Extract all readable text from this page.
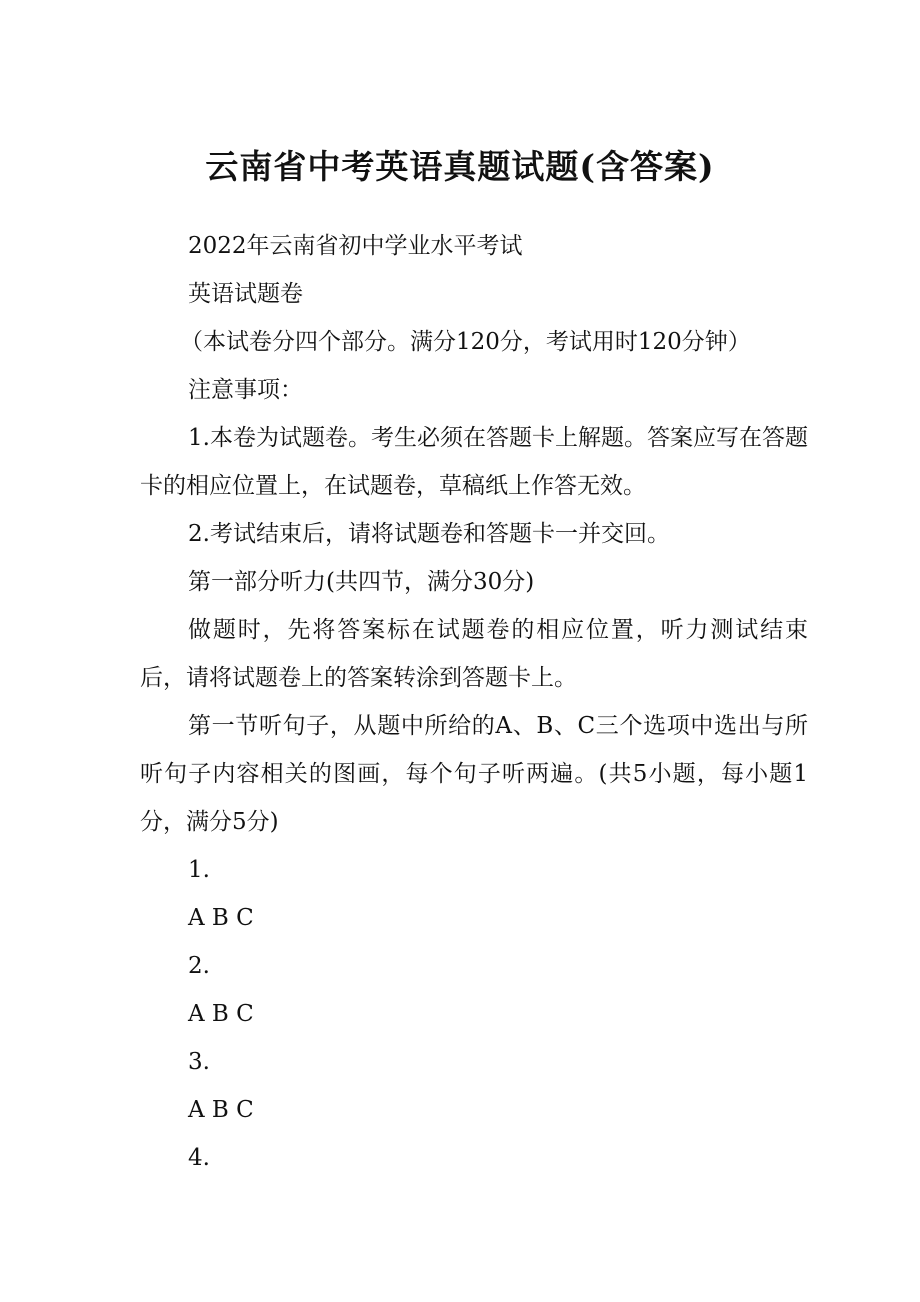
云南省中考英语真题试题(含答案)

2022年云南省初中学业水平考试

英语试题卷

（本试卷分四个部分。满分120分，考试用时120分钟）

注意事项：

1.本卷为试题卷。考生必须在答题卡上解题。答案应写在答题卡的相应位置上，在试题卷，草稿纸上作答无效。

2.考试结束后，请将试题卷和答题卡一并交回。

第一部分听力(共四节，满分30分)

做题时，先将答案标在试题卷的相应位置，听力测试结束后，请将试题卷上的答案转涂到答题卡上。

第一节听句子，从题中所给的A、B、C三个选项中选出与所听句子内容相关的图画，每个句子听两遍。(共5小题，每小题1分，满分5分)

1.

A B C

2.

A B C

3.

A B C

4.
